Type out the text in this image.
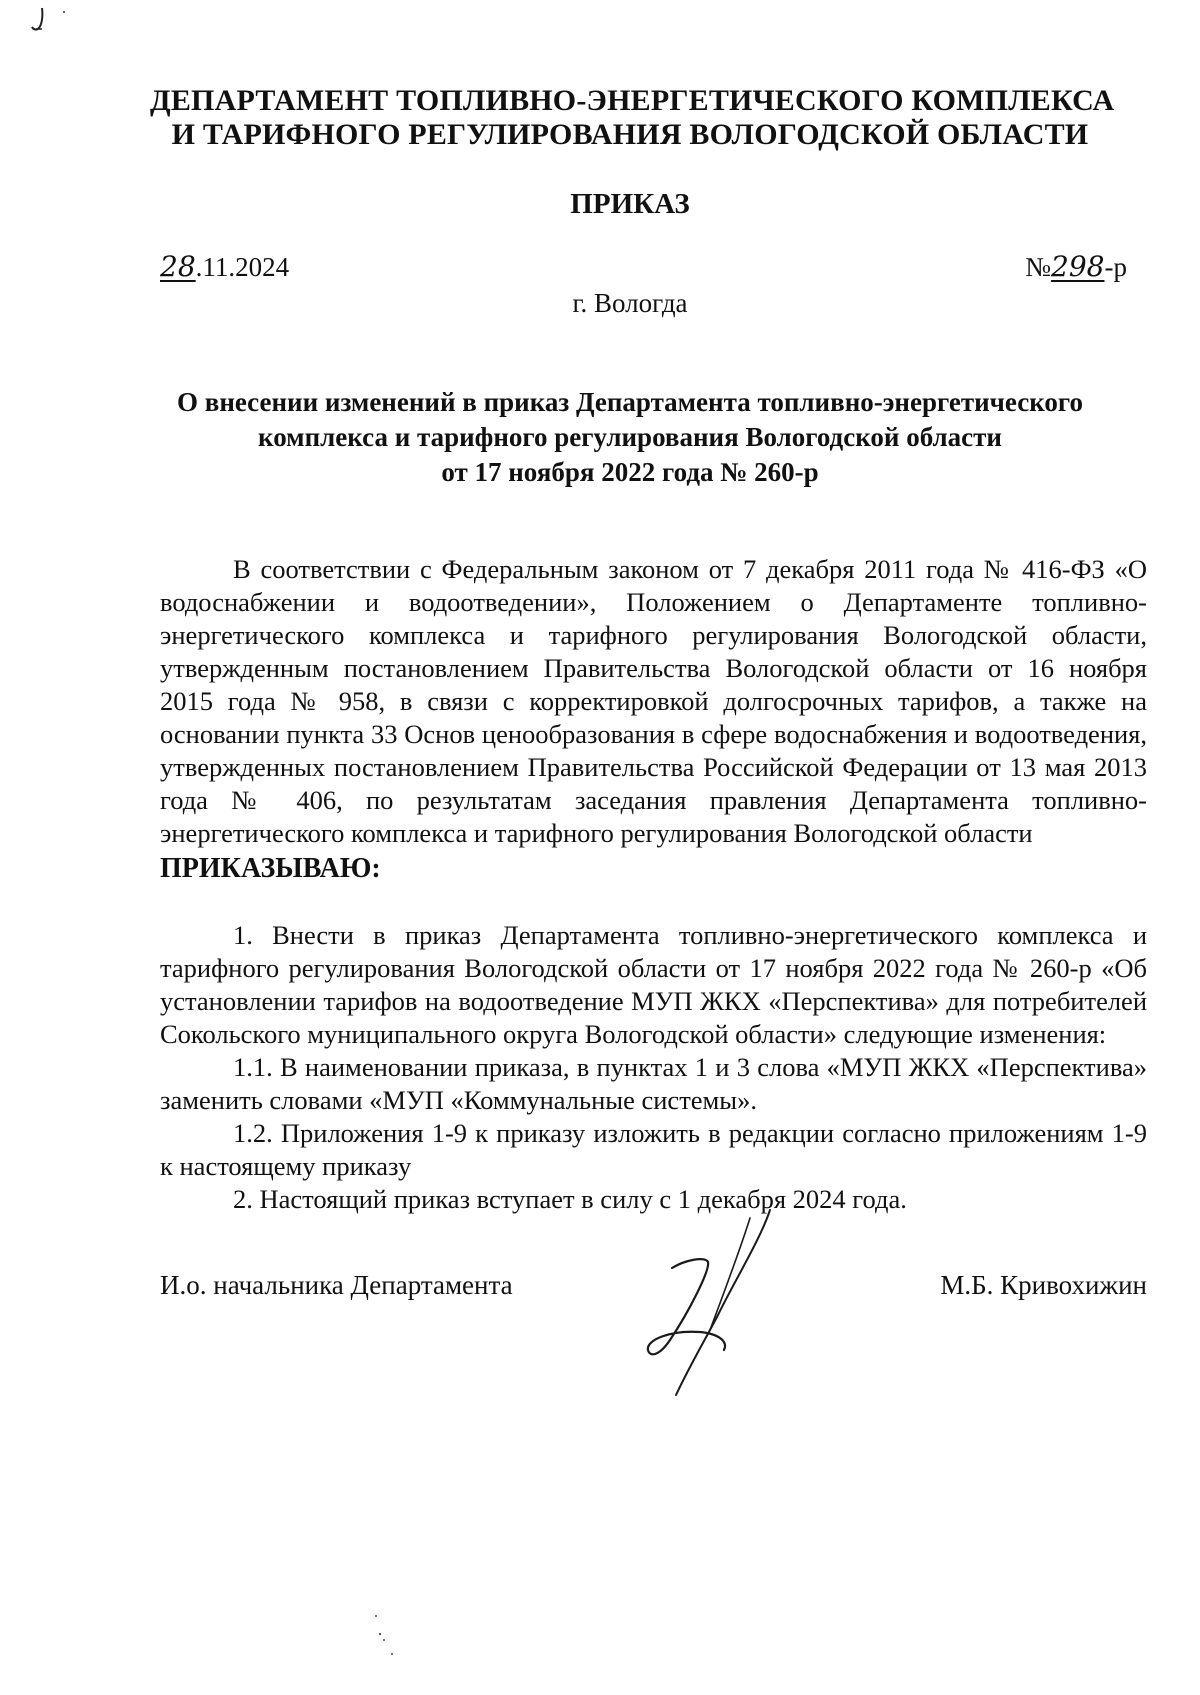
ДЕПАРТАМЕНТ ТОПЛИВНО-ЭНЕРГЕТИЧЕСКОГО КОМПЛЕКСА
И ТАРИФНОГО РЕГУЛИРОВАНИЯ ВОЛОГОДСКОЙ ОБЛАСТИ
ПРИКАЗ
28.11.2024	№298-р
г. Вологда
О внесении изменений в приказ Департамента топливно-энергетического
комплекса и тарифного регулирования Вологодской области
от 17 ноября 2022 года № 260-р
В соответствии с Федеральным законом от 7 декабря 2011 года № 416-ФЗ «О водоснабжении и водоотведении», Положением о Департаменте топливно-энергетического комплекса и тарифного регулирования Вологодской области, утвержденным постановлением Правительства Вологодской области от 16 ноября 2015 года № 958, в связи с корректировкой долгосрочных тарифов, а также на основании пункта 33 Основ ценообразования в сфере водоснабжения и водоотведения, утвержденных постановлением Правительства Российской Федерации от 13 мая 2013 года № 406, по результатам заседания правления Департамента топливно-энергетического комплекса и тарифного регулирования Вологодской области
ПРИКАЗЫВАЮ:
1. Внести в приказ Департамента топливно-энергетического комплекса и тарифного регулирования Вологодской области от 17 ноября 2022 года № 260-р «Об установлении тарифов на водоотведение МУП ЖКХ «Перспектива» для потребителей Сокольского муниципального округа Вологодской области» следующие изменения:
1.1. В наименовании приказа, в пунктах 1 и 3 слова «МУП ЖКХ «Перспектива» заменить словами «МУП «Коммунальные системы».
1.2. Приложения 1-9 к приказу изложить в редакции согласно приложениям 1-9 к настоящему приказу
2. Настоящий приказ вступает в силу с 1 декабря 2024 года.
И.о. начальника Департамента	М.Б. Кривохижин
